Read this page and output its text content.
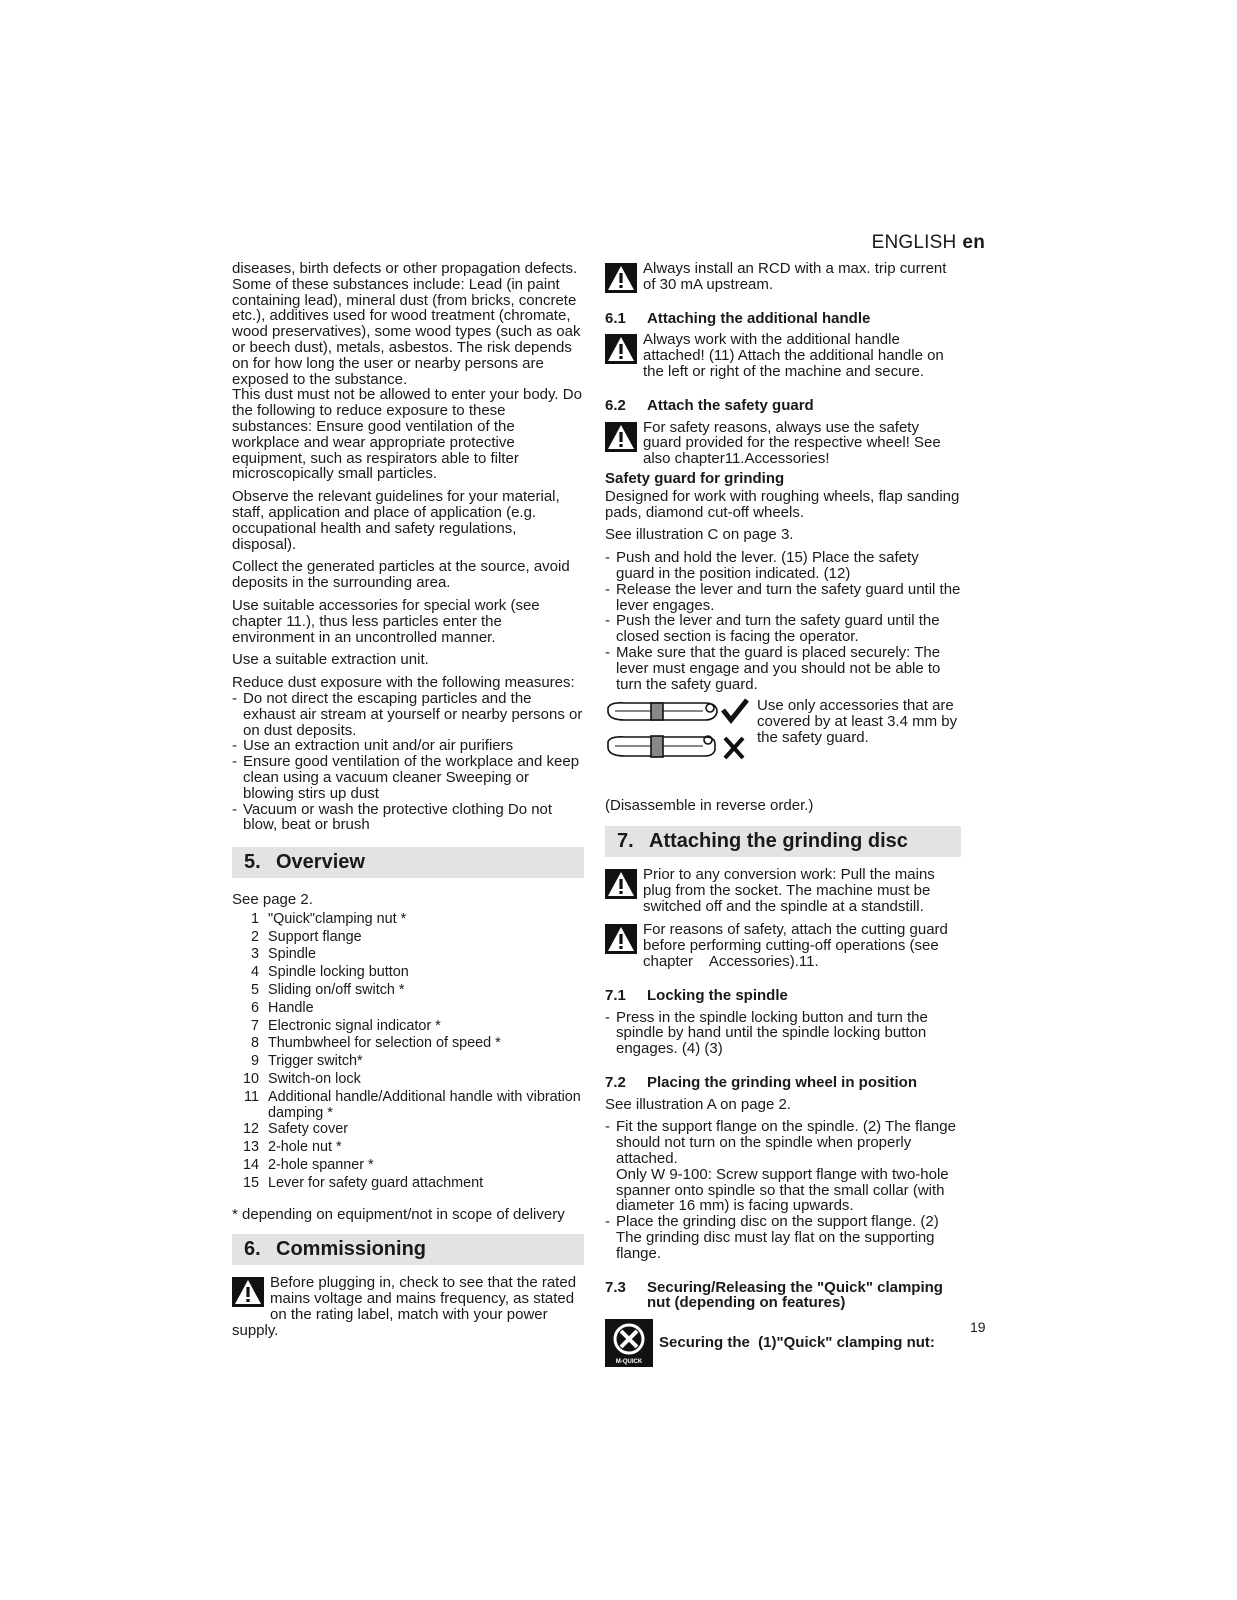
ENGLISH en

diseases, birth defects or other propagation defects. Some of these substances include: Lead (in paint containing lead), mineral dust (from bricks, concrete etc.), additives used for wood treatment (chromate, wood preservatives), some wood types (such as oak or beech dust), metals, asbestos. The risk depends on for how long the user or nearby persons are exposed to the substance.

This dust must not be allowed to enter your body. Do the following to reduce exposure to these substances: Ensure good ventilation of the workplace and wear appropriate protective equipment, such as respirators able to filter microscopically small particles.

Observe the relevant guidelines for your material, staff, application and place of application (e.g. occupational health and safety regulations, disposal).

Collect the generated particles at the source, avoid deposits in the surrounding area.

Use suitable accessories for special work (see chapter 11.), thus less particles enter the environment in an uncontrolled manner.

Use a suitable extraction unit.

Reduce dust exposure with the following measures:

- Do not direct the escaping particles and the exhaust air stream at yourself or nearby persons or on dust deposits.
- Use an extraction unit and/or air purifiers
- Ensure good ventilation of the workplace and keep clean using a vacuum cleaner Sweeping or blowing stirs up dust
- Vacuum or wash the protective clothing Do not blow, beat or brush
5. Overview

See page 2.

1 "Quick"clamping nut *
2 Support flange
3 Spindle
4 Spindle locking button
5 Sliding on/off switch *
6 Handle
7 Electronic signal indicator *
8 Thumbwheel for selection of speed *
9 Trigger switch*
10 Switch-on lock
11 Additional handle/Additional handle with vibration damping *
12 Safety cover
13 2-hole nut *
14 2-hole spanner *
15 Lever for safety guard attachment

* depending on equipment/not in scope of delivery

6. Commissioning
Before plugging in, check to see that the rated mains voltage and mains frequency, as stated on the rating label, match with your power supply.
Always install an RCD with a max. trip current of 30 mA upstream.
6.1	Attaching the additional handle
Always work with the additional handle attached! (11) Attach the additional handle on the left or right of the machine and secure.
6.2	Attach the safety guard
For safety reasons, always use the safety guard provided for the respective wheel! See also chapter11.Accessories!
Safety guard for grinding

Designed for work with roughing wheels, flap sanding pads, diamond cut-off wheels.

See illustration C on page 3.

- Push and hold the lever. (15) Place the safety guard in the position indicated. (12)
- Release the lever and turn the safety guard until the lever engages.
- Push the lever and turn the safety guard until the closed section is facing the operator.
- Make sure that the guard is placed securely: The lever must engage and you should not be able to turn the safety guard.
Use only accessories that are covered by at least 3.4 mm by the safety guard.

(Disassemble in reverse order.)

7. Attaching the grinding disc
Prior to any conversion work: Pull the mains plug from the socket. The machine must be switched off and the spindle at a standstill.
For reasons of safety, attach the cutting guard before performing cutting-off operations (see chapter    Accessories).11.
7.1	Locking the spindle
- Press in the spindle locking button and turn the spindle by hand until the spindle locking button engages. (4) (3)
7.2	Placing the grinding wheel in position

See illustration A on page 2.

- Fit the support flange on the spindle. (2) The flange should not turn on the spindle when properly attached.
Only W 9-100: Screw support flange with two-hole spanner onto spindle so that the small collar (with diameter 16 mm) is facing upwards.
- Place the grinding disc on the support flange. (2) The grinding disc must lay flat on the supporting flange.
7.3	Securing/Releasing the "Quick" clamping nut (depending on features)
M-QUICK
Securing the  (1)"Quick" clamping nut:
19
